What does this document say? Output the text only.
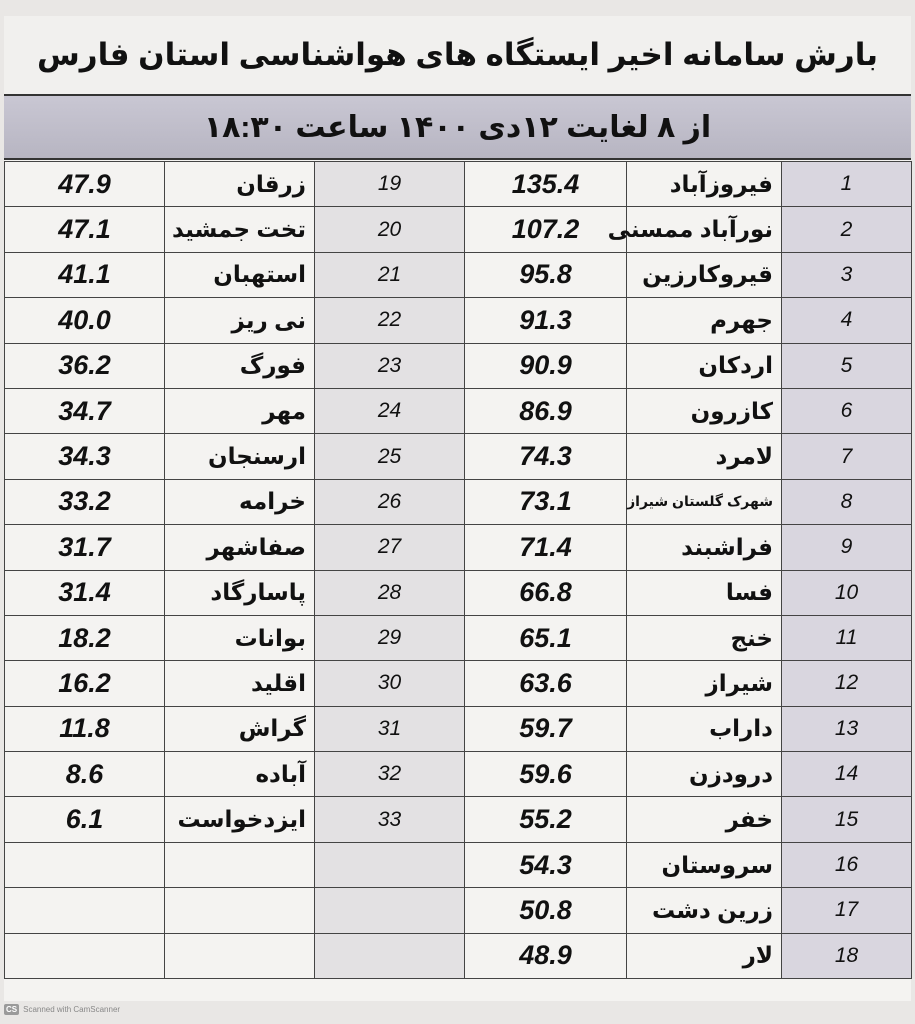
بارش سامانه اخیر ایستگاه های هواشناسی استان فارس
از ۸ لغایت ۱۲دی ۱۴۰۰ ساعت ۱۸:۳۰
47.9	زرقان	19	135.4	فیروزآباد	1
47.1	تخت جمشید	20	107.2	نورآباد ممسنی	2
41.1	استهبان	21	95.8	قیروکارزین	3
40.0	نی ریز	22	91.3	جهرم	4
36.2	فورگ	23	90.9	اردکان	5
34.7	مهر	24	86.9	کازرون	6
34.3	ارسنجان	25	74.3	لامرد	7
33.2	خرامه	26	73.1	شهرک گلستان شیراز	8
31.7	صفاشهر	27	71.4	فراشبند	9
31.4	پاسارگاد	28	66.8	فسا	10
18.2	بوانات	29	65.1	خنج	11
16.2	اقلید	30	63.6	شیراز	12
11.8	گراش	31	59.7	داراب	13
8.6	آباده	32	59.6	درودزن	14
6.1	ایزدخواست	33	55.2	خفر	15
			54.3	سروستان	16
			50.8	زرین دشت	17
			48.9	لار	18
CS Scanned with CamScanner
